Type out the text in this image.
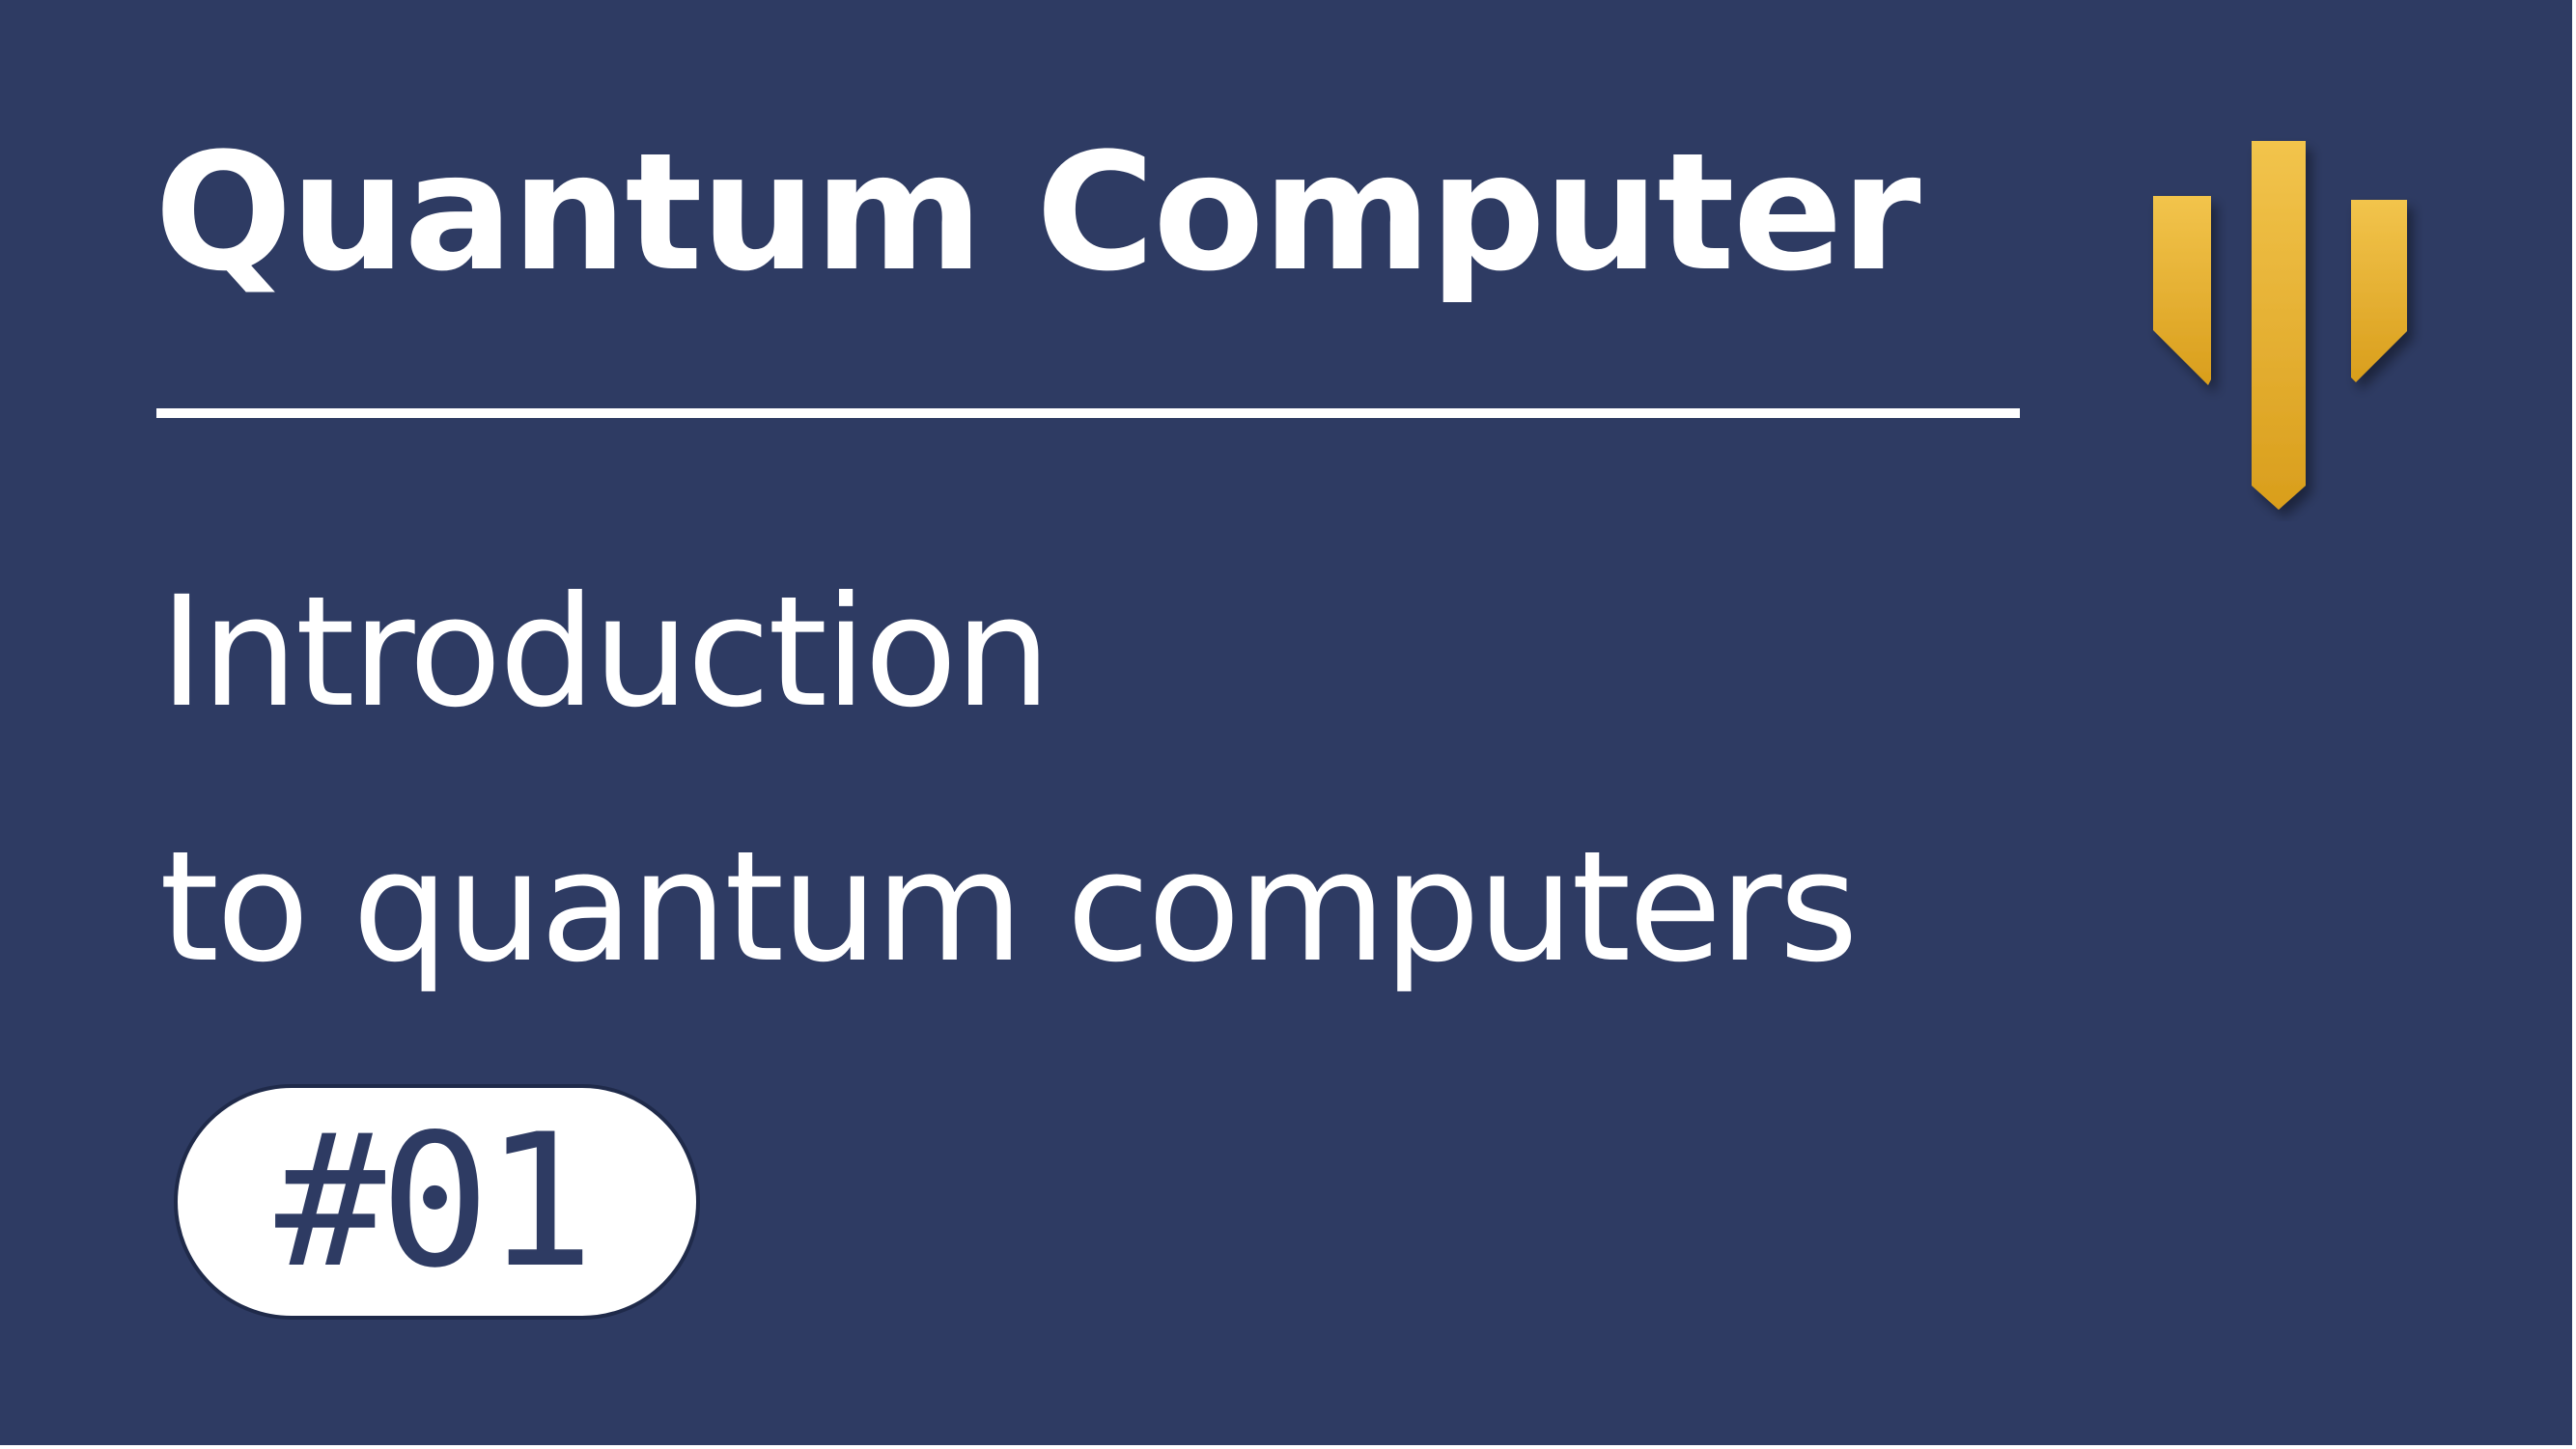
Quantum Computer
Introduction
to quantum computers
#01
